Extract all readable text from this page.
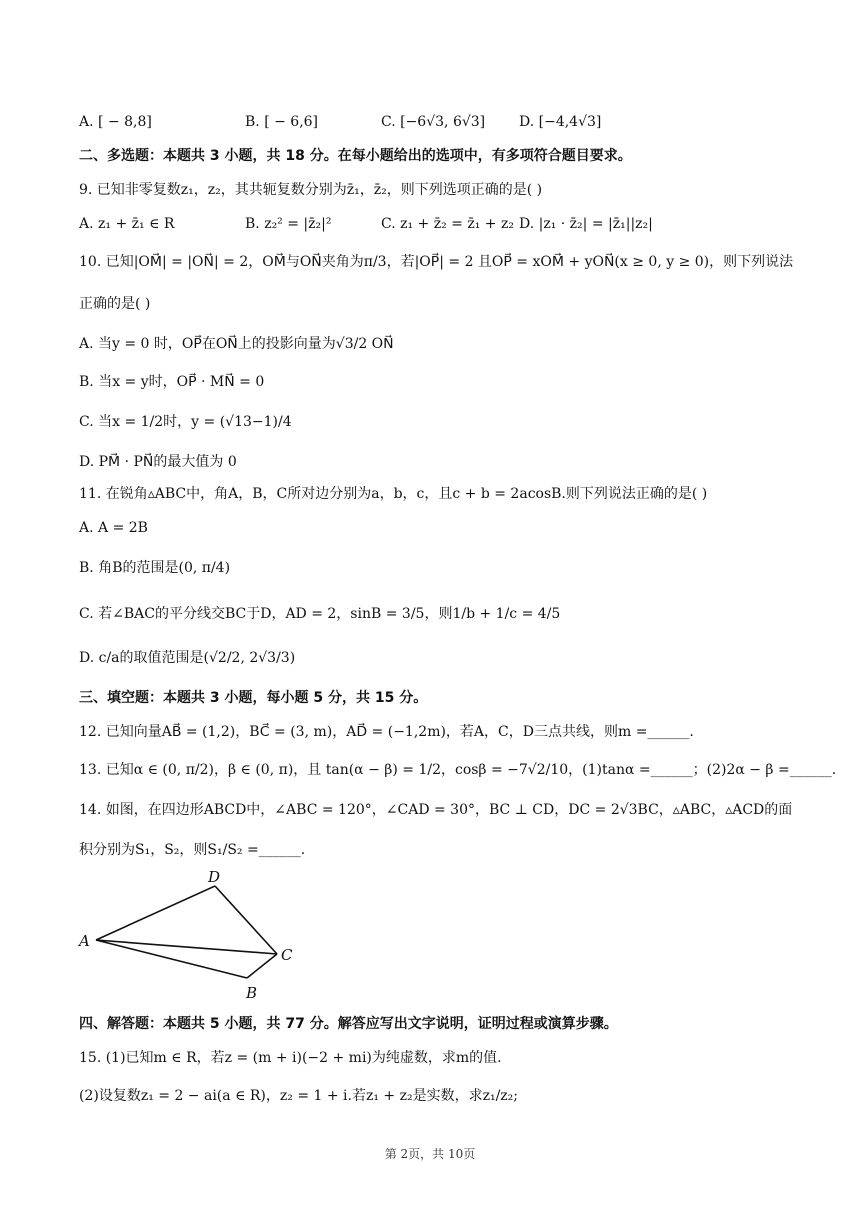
A. [ − 8,8]	B. [ − 6,6]	C. [−6√3, 6√3] D. [−4,4√3]
二、多选题：本题共 3 小题，共 18 分。在每小题给出的选项中，有多项符合题目要求。
9. 已知非零复数z₁，z₂，其共轭复数分别为z̄₁，z̄₂，则下列选项正确的是( )
A. z₁ + z̄₁ ∈ R	B. z₂² = |z̄₂|²	C. z₁ + z̄₂ = z̄₁ + z₂ D. |z₁ · z̄₂| = |z̄₁||z₂|
10. 已知|OM⃗| = |ON⃗| = 2，OM⃗与ON⃗夹角为π/3，若|OP⃗| = 2 且OP⃗ = xOM⃗ + yON⃗(x ≥ 0, y ≥ 0)，则下列说法
正确的是( )
A. 当y = 0 时，OP⃗在ON⃗上的投影向量为√3/2 ON⃗
B. 当x = y时，OP⃗ · MN⃗ = 0
C. 当x = 1/2时，y = (√13−1)/4
D. PM⃗ · PN⃗的最大值为 0
11. 在锐角▵ABC中，角A，B，C所对边分别为a，b，c，且c + b = 2acosB.则下列说法正确的是( )
A. A = 2B
B. 角B的范围是(0, π/4)
C. 若∠BAC的平分线交BC于D，AD = 2，sinB = 3/5，则1/b + 1/c = 4/5
D. c/a的取值范围是(√2/2, 2√3/3)
三、填空题：本题共 3 小题，每小题 5 分，共 15 分。
12. 已知向量AB⃗ = (1,2)，BC⃗ = (3, m)，AD⃗ = (−1,2m)，若A，C，D三点共线，则m =______.
13. 已知α ∈ (0, π/2)，β ∈ (0, π)，且 tan(α − β) = 1/2，cosβ = −7√2/10，(1)tanα =______；(2)2α − β =______.
14. 如图，在四边形ABCD中，∠ABC = 120°，∠CAD = 30°，BC ⊥ CD，DC = 2√3BC，▵ABC，▵ACD的面
积分别为S₁，S₂，则S₁/S₂ =______.
A
D
C
B
四、解答题：本题共 5 小题，共 77 分。解答应写出文字说明，证明过程或演算步骤。
15. (1)已知m ∈ R，若z = (m + i)(−2 + mi)为纯虚数，求m的值.
(2)设复数z₁ = 2 − ai(a ∈ R)，z₂ = 1 + i.若z₁ + z₂是实数，求z₁/z₂;
第 2页，共 10页
